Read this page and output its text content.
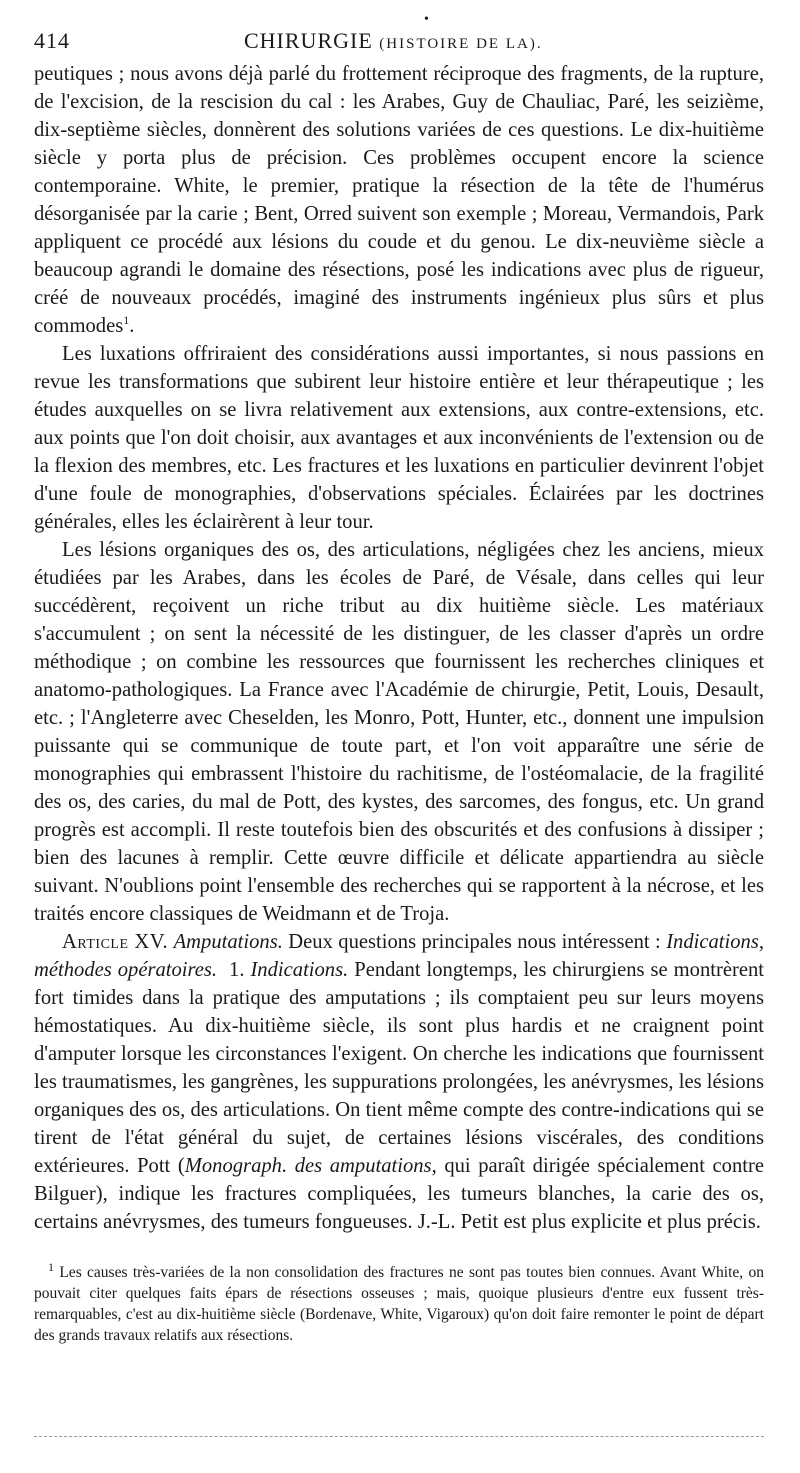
•
414	CHIRURGIE (HISTOIRE DE LA).

peutiques ; nous avons déjà parlé du frottement réciproque des fragments, de la rupture, de l'excision, de la rescision du cal : les Arabes, Guy de Chauliac, Paré, les seizième, dix-septième siècles, donnèrent des solutions variées de ces questions. Le dix-huitième siècle y porta plus de précision. Ces problèmes occupent encore la science contemporaine. White, le premier, pratique la résection de la tête de l'humérus désorganisée par la carie ; Bent, Orred suivent son exemple ; Moreau, Vermandois, Park appliquent ce procédé aux lésions du coude et du genou. Le dix-neuvième siècle a beaucoup agrandi le domaine des résections, posé les indications avec plus de rigueur, créé de nouveaux procédés, imaginé des instruments ingénieux plus sûrs et plus commodes$^1$.

Les luxations offriraient des considérations aussi importantes, si nous passions en revue les transformations que subirent leur histoire entière et leur thérapeutique ; les études auxquelles on se livra relativement aux extensions, aux contre-extensions, etc. aux points que l'on doit choisir, aux avantages et aux inconvénients de l'extension ou de la flexion des membres, etc. Les fractures et les luxations en particulier devinrent l'objet d'une foule de monographies, d'observations spéciales. Éclairées par les doctrines générales, elles les éclairèrent à leur tour.

Les lésions organiques des os, des articulations, négligées chez les anciens, mieux étudiées par les Arabes, dans les écoles de Paré, de Vésale, dans celles qui leur succédèrent, reçoivent un riche tribut au dix huitième siècle. Les matériaux s'accumulent ; on sent la nécessité de les distinguer, de les classer d'après un ordre méthodique ; on combine les ressources que fournissent les recherches cliniques et anatomo-pathologiques. La France avec l'Académie de chirurgie, Petit, Louis, Desault, etc. ; l'Angleterre avec Cheselden, les Monro, Pott, Hunter, etc., donnent une impulsion puissante qui se communique de toute part, et l'on voit apparaître une série de monographies qui embrassent l'histoire du rachitisme, de l'ostéomalacie, de la fragilité des os, des caries, du mal de Pott, des kystes, des sarcomes, des fongus, etc. Un grand progrès est accompli. Il reste toutefois bien des obscurités et des confusions à dissiper ; bien des lacunes à remplir. Cette œuvre difficile et délicate appartiendra au siècle suivant. N'oublions point l'ensemble des recherches qui se rapportent à la nécrose, et les traités encore classiques de Weidmann et de Troja.

Article XV. Amputations. Deux questions principales nous intéressent : Indications, méthodes opératoires. 1. Indications. Pendant longtemps, les chirurgiens se montrèrent fort timides dans la pratique des amputations ; ils comptaient peu sur leurs moyens hémostatiques. Au dix-huitième siècle, ils sont plus hardis et ne craignent point d'amputer lorsque les circonstances l'exigent. On cherche les indications que fournissent les traumatismes, les gangrènes, les suppurations prolongées, les anévrysmes, les lésions organiques des os, des articulations. On tient même compte des contre-indications qui se tirent de l'état général du sujet, de certaines lésions viscérales, des conditions extérieures. Pott (Monograph. des amputations, qui paraît dirigée spécialement contre Bilguer), indique les fractures compliquées, les tumeurs blanches, la carie des os, certains anévrysmes, des tumeurs fongueuses. J.-L. Petit est plus explicite et plus précis.

$^1$ Les causes très-variées de la non consolidation des fractures ne sont pas toutes bien connues. Avant White, on pouvait citer quelques faits épars de résections osseuses ; mais, quoique plusieurs d'entre eux fussent très-remarquables, c'est au dix-huitième siècle (Bordenave, White, Vigaroux) qu'on doit faire remonter le point de départ des grands travaux relatifs aux résections.
